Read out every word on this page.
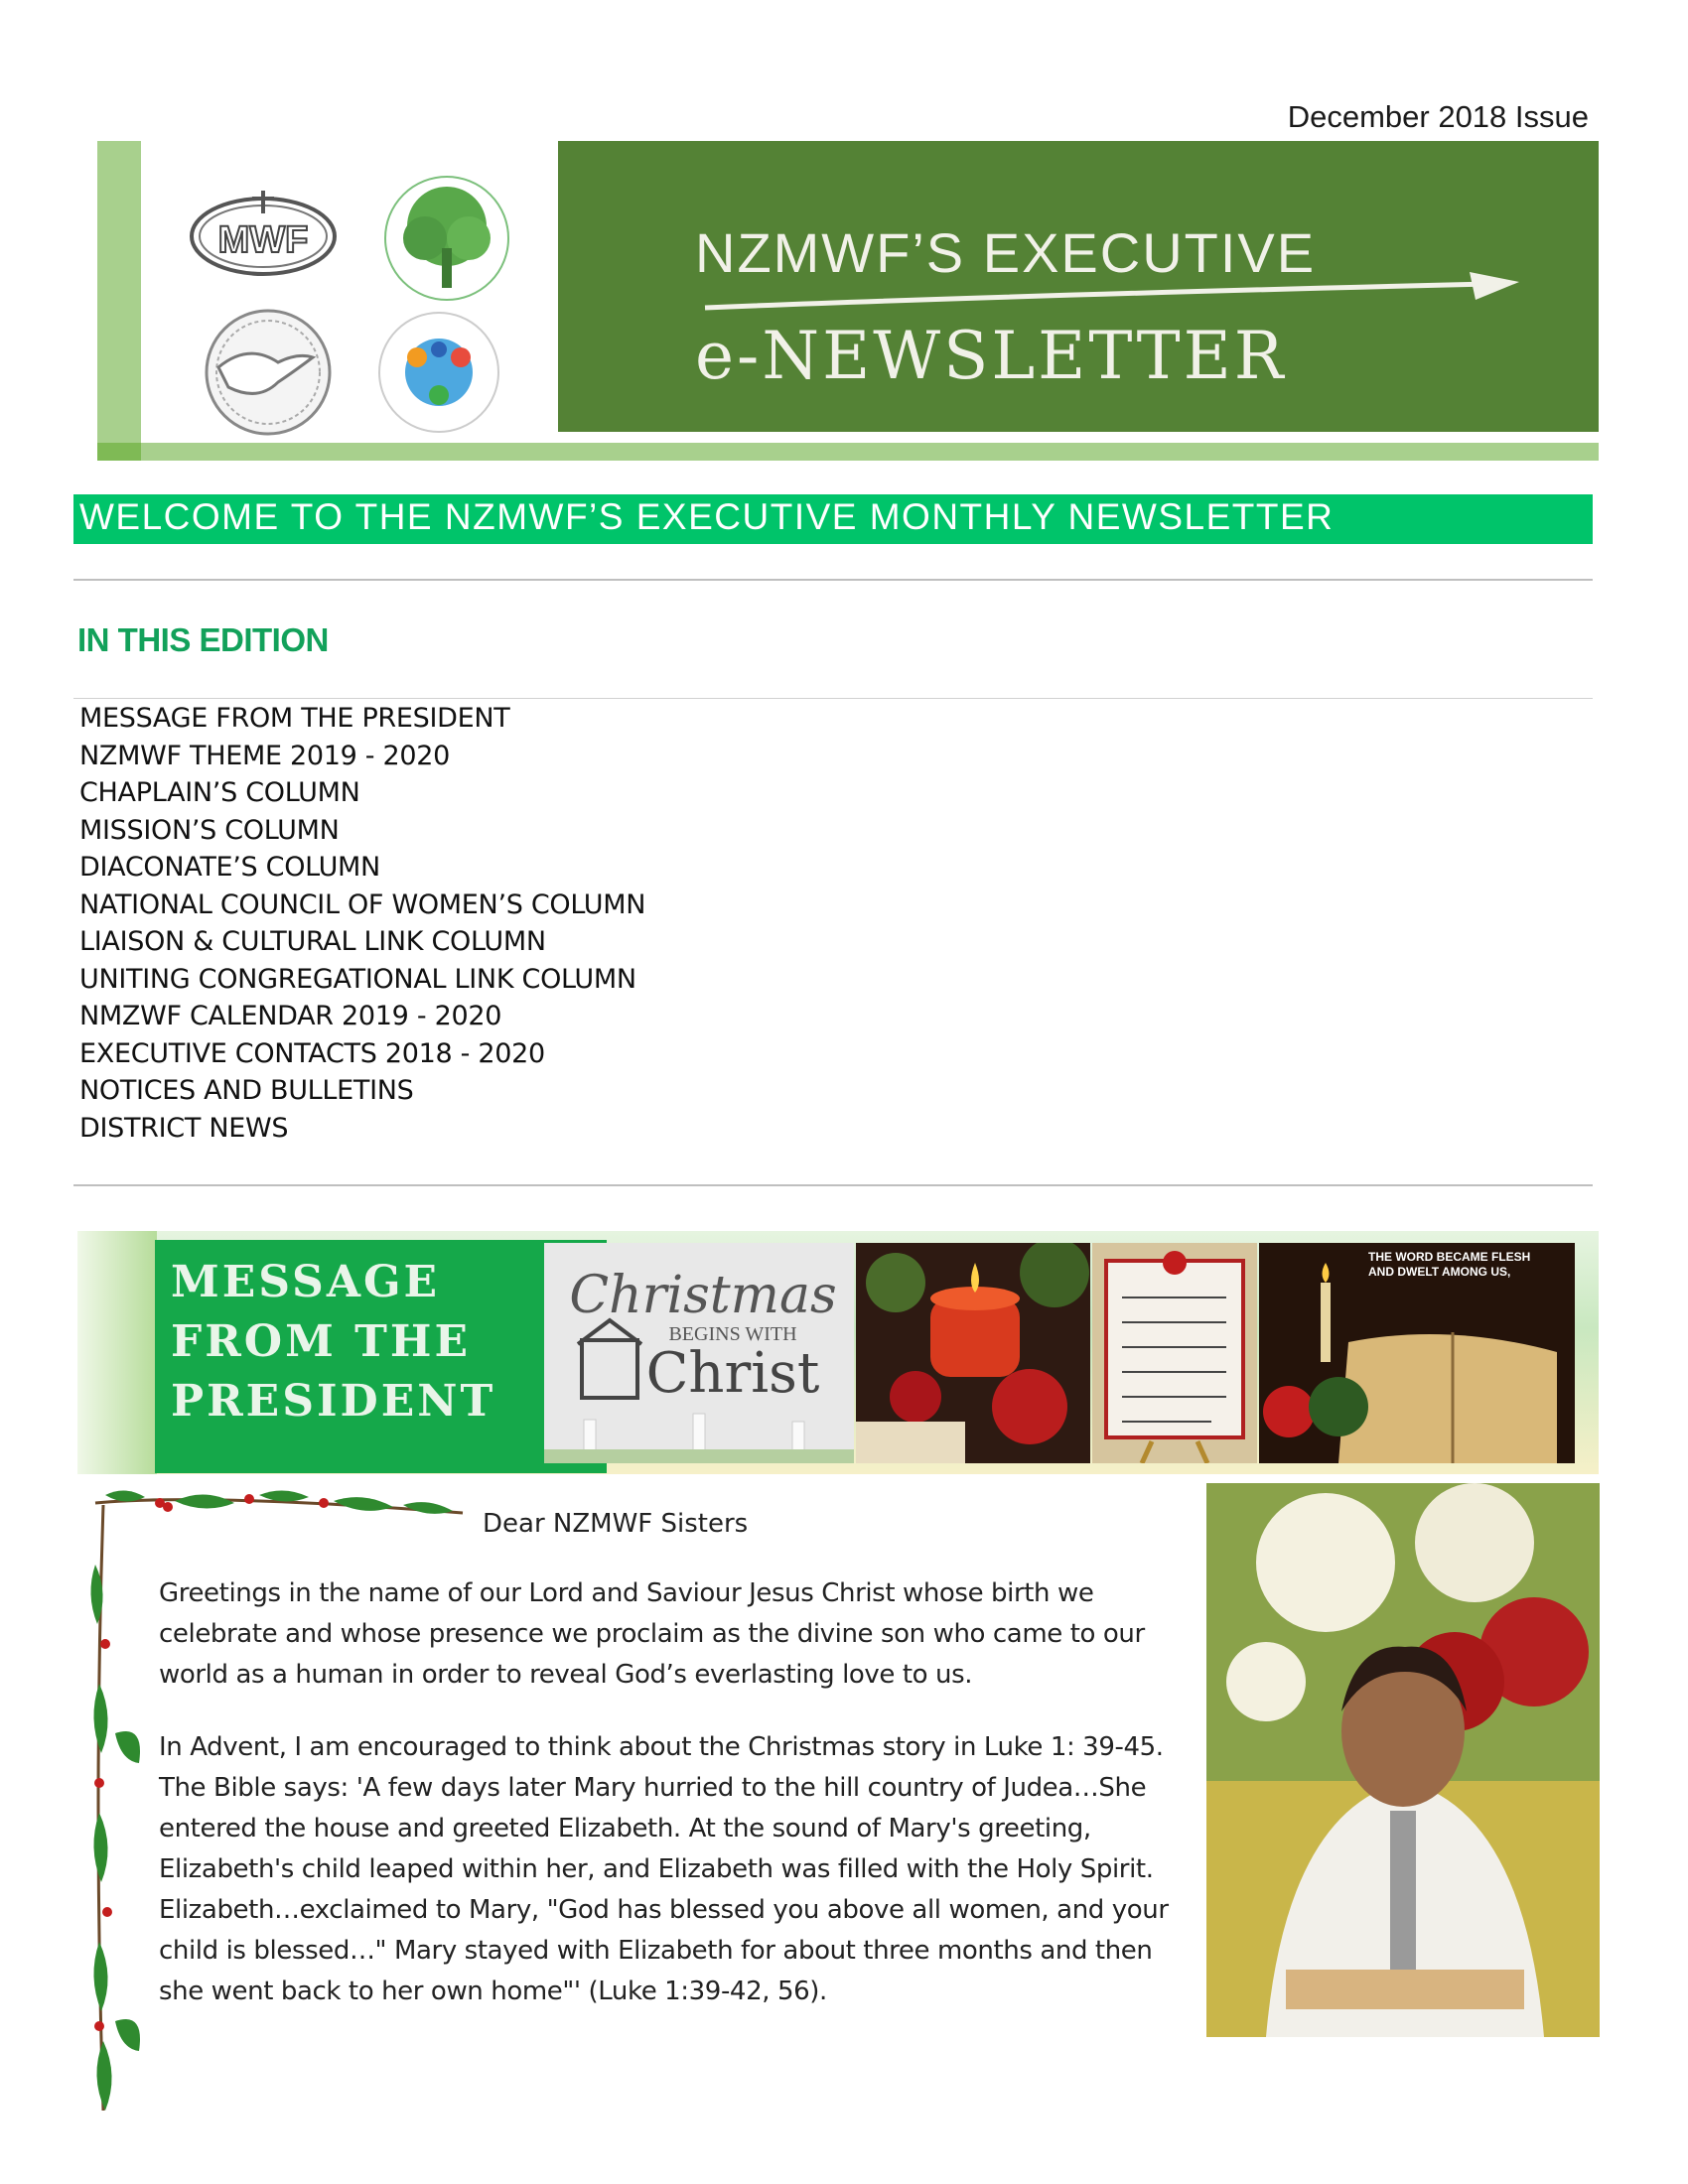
December 2018 Issue
MWF	NZMWF’S EXECUTIVE
e-NEWSLETTER
WELCOME TO THE NZMWF’S EXECUTIVE MONTHLY NEWSLETTER
IN THIS EDITION
MESSAGE FROM THE PRESIDENT
NZMWF THEME 2019 - 2020
CHAPLAIN’S COLUMN
MISSION’S COLUMN
DIACONATE’S COLUMN
NATIONAL COUNCIL OF WOMEN’S COLUMN
LIAISON & CULTURAL LINK COLUMN
UNITING CONGREGATIONAL LINK COLUMN
NMZWF CALENDAR 2019 - 2020
EXECUTIVE CONTACTS 2018 - 2020
NOTICES AND BULLETINS
DISTRICT NEWS
MESSAGE
FROM THE
PRESIDENT
Christmas
BEGINS WITH
Christ
THE WORD BECAME FLESH
AND DWELT AMONG US,
Dear NZMWF Sisters

Greetings in the name of our Lord and Saviour Jesus Christ whose birth we celebrate and whose presence we proclaim as the divine son who came to our world as a human in order to reveal God’s everlasting love to us.

In Advent, I am encouraged to think about the Christmas story in Luke 1: 39-45. The Bible says: 'A few days later Mary hurried to the hill country of Judea…She entered the house and greeted Elizabeth. At the sound of Mary's greeting, Elizabeth's child leaped within her, and Elizabeth was filled with the Holy Spirit. Elizabeth…exclaimed to Mary, "God has blessed you above all women, and your child is blessed…" Mary stayed with Elizabeth for about three months and then she went back to her own home"' (Luke 1:39-42, 56).
